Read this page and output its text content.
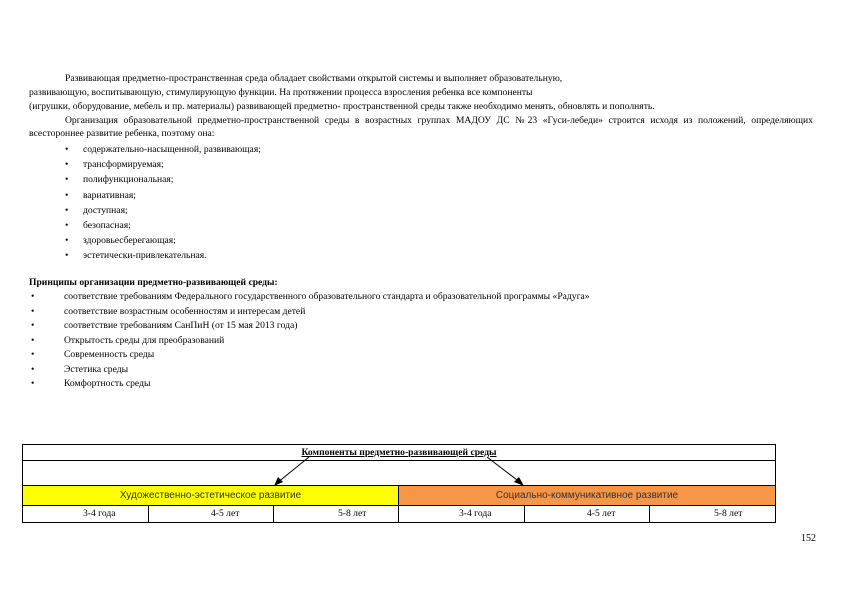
Развивающая предметно-пространственная среда обладает свойствами открытой системы и выполняет образовательную,
развивающую, воспитывающую, стимулирующую функции. На протяжении процесса взросления ребенка все компоненты
(игрушки, оборудование, мебель и пр. материалы) развивающей предметно- пространственной среды также необходимо менять, обновлять и пополнять.
Организация образовательной предметно-пространственной среды в возрастных группах МАДОУ ДС №23 «Гуси-лебеди» строится исходя из положений, определяющих всестороннее развитие ребенка, поэтому она:
• содержательно-насыщенной, развивающая;
• трансформируемая;
• полифункциональная;
• вариативная;
• доступная;
• безопасная;
• здоровьесберегающая;
• эстетически-привлекательная.
Принципы организации предметно-развивающей среды:
•	соответствие требованиям Федерального государственного образовательного стандарта и образовательной программы «Радуга»
•	соответствие возрастным особенностям и интересам детей
•	соответствие требованиям СанПиН (от 15 мая 2013 года)
•	Открытость среды для преобразований
•	Современность среды
•	Эстетика среды
•	Комфортность среды
Компоненты предметно-развивающей среды
Художественно-эстетическое развитие	Социально-коммуникативное развитие
3-4 года	4-5 лет	5-8 лет	3-4 года	4-5 лет	5-8 лет
152
